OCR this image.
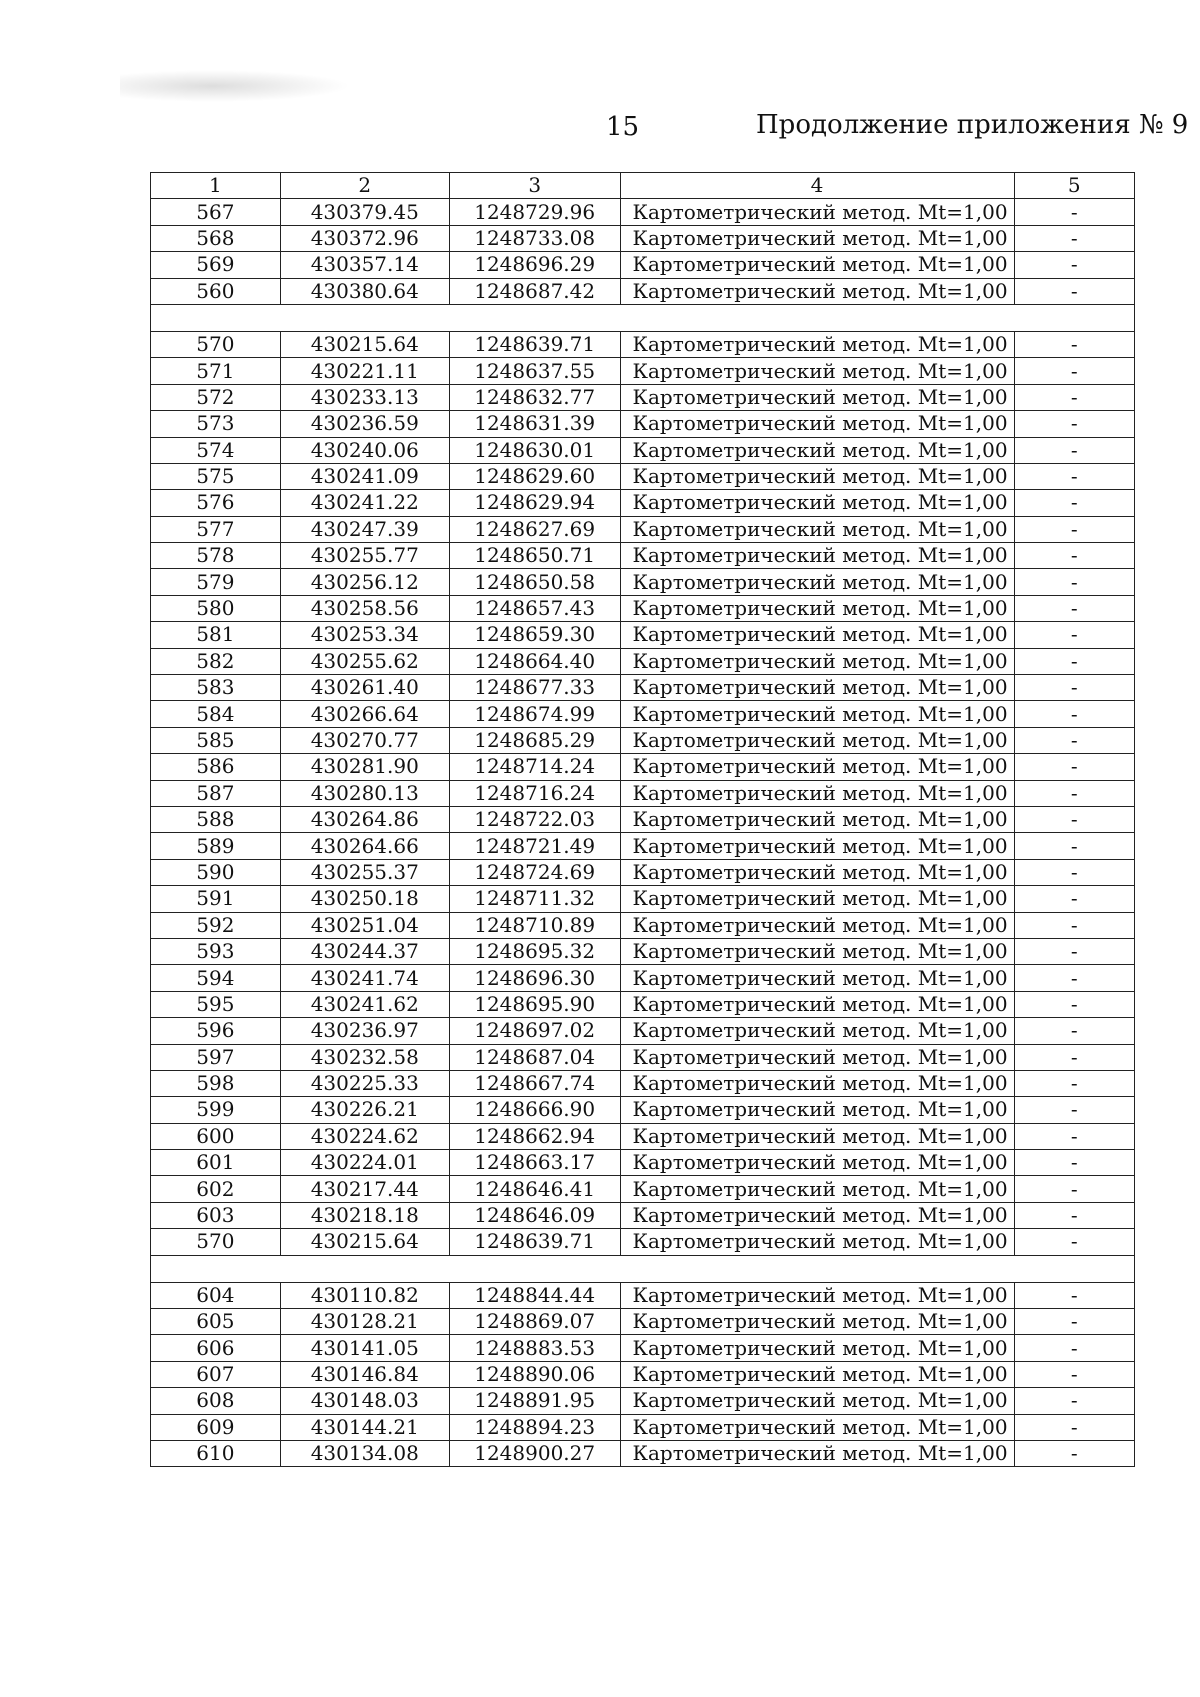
15	Продолжение приложения № 9
1	2	3	4	5
567	430379.45	1248729.96	Картометрический метод. Mt=1,00	-
568	430372.96	1248733.08	Картометрический метод. Mt=1,00	-
569	430357.14	1248696.29	Картометрический метод. Mt=1,00	-
560	430380.64	1248687.42	Картометрический метод. Mt=1,00	-

570	430215.64	1248639.71	Картометрический метод. Mt=1,00	-
571	430221.11	1248637.55	Картометрический метод. Mt=1,00	-
572	430233.13	1248632.77	Картометрический метод. Mt=1,00	-
573	430236.59	1248631.39	Картометрический метод. Mt=1,00	-
574	430240.06	1248630.01	Картометрический метод. Mt=1,00	-
575	430241.09	1248629.60	Картометрический метод. Mt=1,00	-
576	430241.22	1248629.94	Картометрический метод. Mt=1,00	-
577	430247.39	1248627.69	Картометрический метод. Mt=1,00	-
578	430255.77	1248650.71	Картометрический метод. Mt=1,00	-
579	430256.12	1248650.58	Картометрический метод. Mt=1,00	-
580	430258.56	1248657.43	Картометрический метод. Mt=1,00	-
581	430253.34	1248659.30	Картометрический метод. Mt=1,00	-
582	430255.62	1248664.40	Картометрический метод. Mt=1,00	-
583	430261.40	1248677.33	Картометрический метод. Mt=1,00	-
584	430266.64	1248674.99	Картометрический метод. Mt=1,00	-
585	430270.77	1248685.29	Картометрический метод. Mt=1,00	-
586	430281.90	1248714.24	Картометрический метод. Mt=1,00	-
587	430280.13	1248716.24	Картометрический метод. Mt=1,00	-
588	430264.86	1248722.03	Картометрический метод. Mt=1,00	-
589	430264.66	1248721.49	Картометрический метод. Mt=1,00	-
590	430255.37	1248724.69	Картометрический метод. Mt=1,00	-
591	430250.18	1248711.32	Картометрический метод. Mt=1,00	-
592	430251.04	1248710.89	Картометрический метод. Mt=1,00	-
593	430244.37	1248695.32	Картометрический метод. Mt=1,00	-
594	430241.74	1248696.30	Картометрический метод. Mt=1,00	-
595	430241.62	1248695.90	Картометрический метод. Mt=1,00	-
596	430236.97	1248697.02	Картометрический метод. Mt=1,00	-
597	430232.58	1248687.04	Картометрический метод. Mt=1,00	-
598	430225.33	1248667.74	Картометрический метод. Mt=1,00	-
599	430226.21	1248666.90	Картометрический метод. Mt=1,00	-
600	430224.62	1248662.94	Картометрический метод. Mt=1,00	-
601	430224.01	1248663.17	Картометрический метод. Mt=1,00	-
602	430217.44	1248646.41	Картометрический метод. Mt=1,00	-
603	430218.18	1248646.09	Картометрический метод. Mt=1,00	-
570	430215.64	1248639.71	Картометрический метод. Mt=1,00	-

604	430110.82	1248844.44	Картометрический метод. Mt=1,00	-
605	430128.21	1248869.07	Картометрический метод. Mt=1,00	-
606	430141.05	1248883.53	Картометрический метод. Mt=1,00	-
607	430146.84	1248890.06	Картометрический метод. Mt=1,00	-
608	430148.03	1248891.95	Картометрический метод. Mt=1,00	-
609	430144.21	1248894.23	Картометрический метод. Mt=1,00	-
610	430134.08	1248900.27	Картометрический метод. Mt=1,00	-
